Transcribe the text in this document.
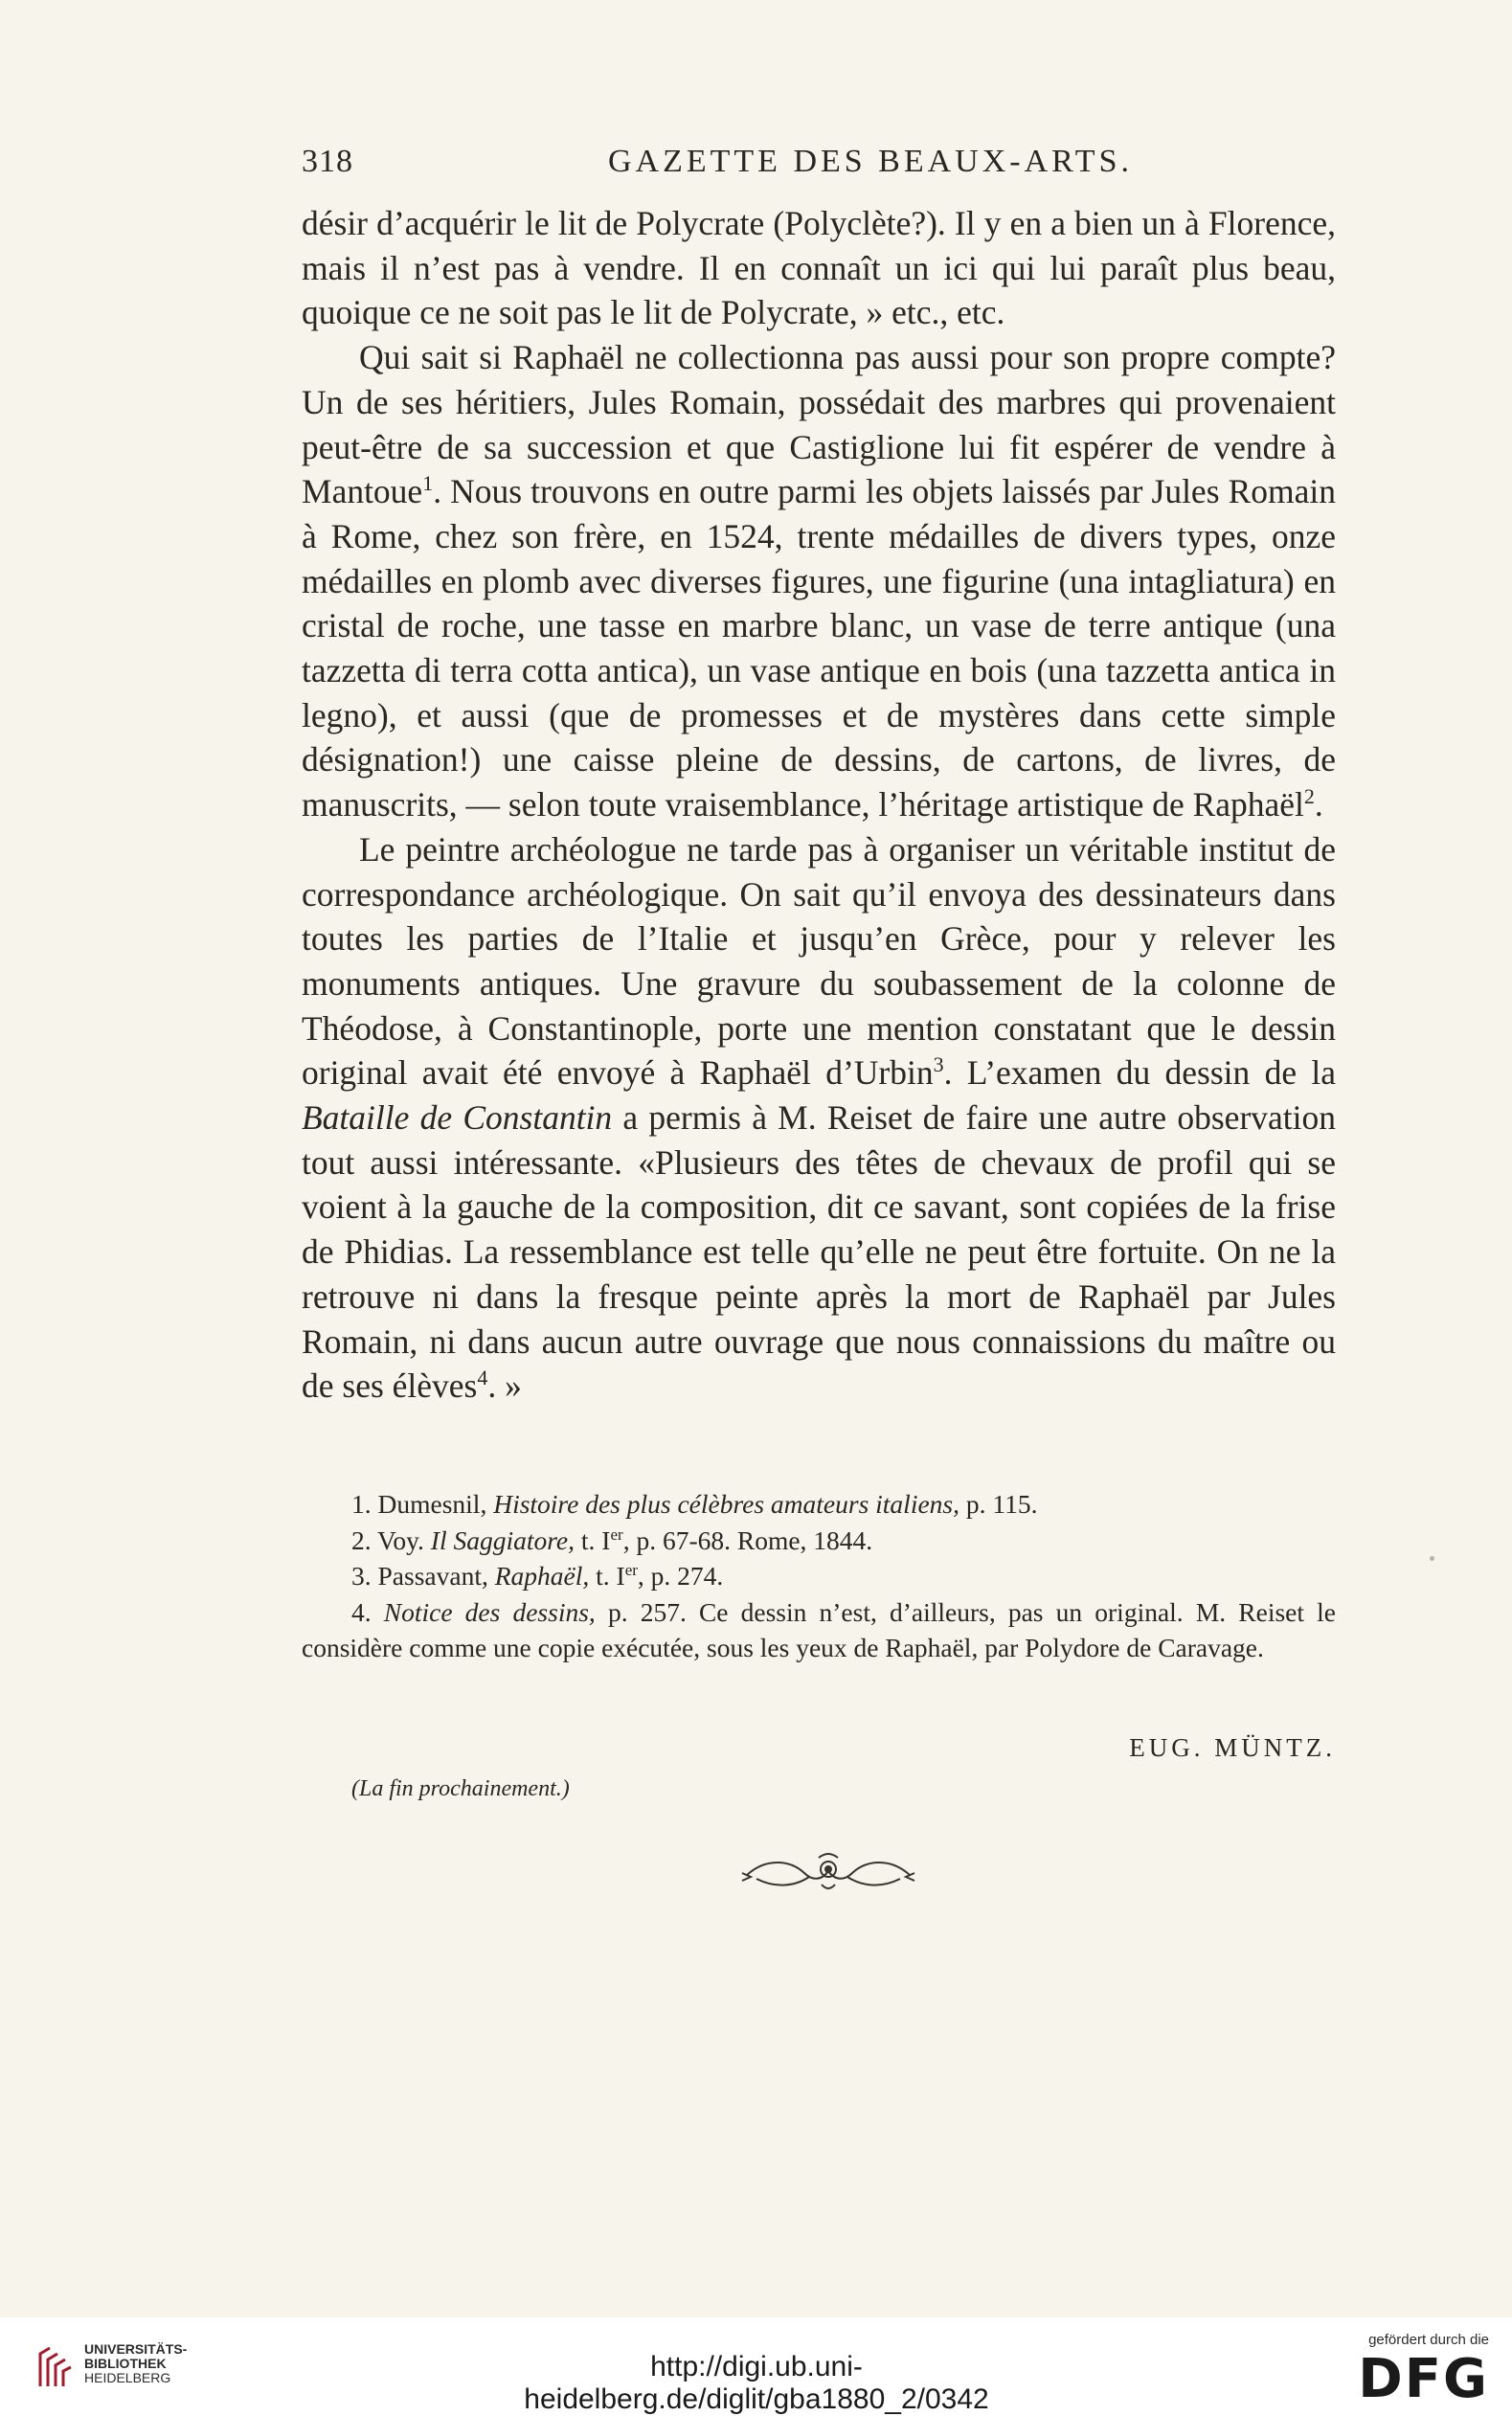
318	GAZETTE DES BEAUX-ARTS.

désir d’acquérir le lit de Polycrate (Polyclète?). Il y en a bien un à Florence, mais il n’est pas à vendre. Il en connaît un ici qui lui paraît plus beau, quoique ce ne soit pas le lit de Polycrate, » etc., etc.

Qui sait si Raphaël ne collectionna pas aussi pour son propre compte? Un de ses héritiers, Jules Romain, possédait des marbres qui provenaient peut-être de sa succession et que Castiglione lui fit espérer de vendre à Mantoue$^1$. Nous trouvons en outre parmi les objets laissés par Jules Romain à Rome, chez son frère, en 1524, trente médailles de divers types, onze médailles en plomb avec diverses figures, une figurine (una intagliatura) en cristal de roche, une tasse en marbre blanc, un vase de terre antique (una tazzetta di terra cotta antica), un vase antique en bois (una tazzetta antica in legno), et aussi (que de promesses et de mystères dans cette simple désignation!) une caisse pleine de dessins, de cartons, de livres, de manuscrits, — selon toute vraisemblance, l’héritage artistique de Raphaël$^2$.

Le peintre archéologue ne tarde pas à organiser un véritable institut de correspondance archéologique. On sait qu’il envoya des dessinateurs dans toutes les parties de l’Italie et jusqu’en Grèce, pour y relever les monuments antiques. Une gravure du soubassement de la colonne de Théodose, à Constantinople, porte une mention constatant que le dessin original avait été envoyé à Raphaël d’Urbin$^3$. L’examen du dessin de la Bataille de Constantin a permis à M. Reiset de faire une autre observation tout aussi intéressante. «Plusieurs des têtes de chevaux de profil qui se voient à la gauche de la composition, dit ce savant, sont copiées de la frise de Phidias. La ressemblance est telle qu’elle ne peut être fortuite. On ne la retrouve ni dans la fresque peinte après la mort de Raphaël par Jules Romain, ni dans aucun autre ouvrage que nous connaissions du maître ou de ses élèves$^4$. »

1. Dumesnil, Histoire des plus célèbres amateurs italiens, p. 115.

2. Voy. Il Saggiatore, t. Ier, p. 67-68. Rome, 1844.

3. Passavant, Raphaël, t. Ier, p. 274.

4. Notice des dessins, p. 257. Ce dessin n’est, d’ailleurs, pas un original. M. Reiset le considère comme une copie exécutée, sous les yeux de Raphaël, par Polydore de Caravage.

EUG. MÜNTZ.
(La fin prochainement.)
UNIVERSITÄTS-
BIBLIOTHEK
HEIDELBERG	http://digi.ub.uni-heidelberg.de/diglit/gba1880_2/0342
gefördert durch die
DFG
